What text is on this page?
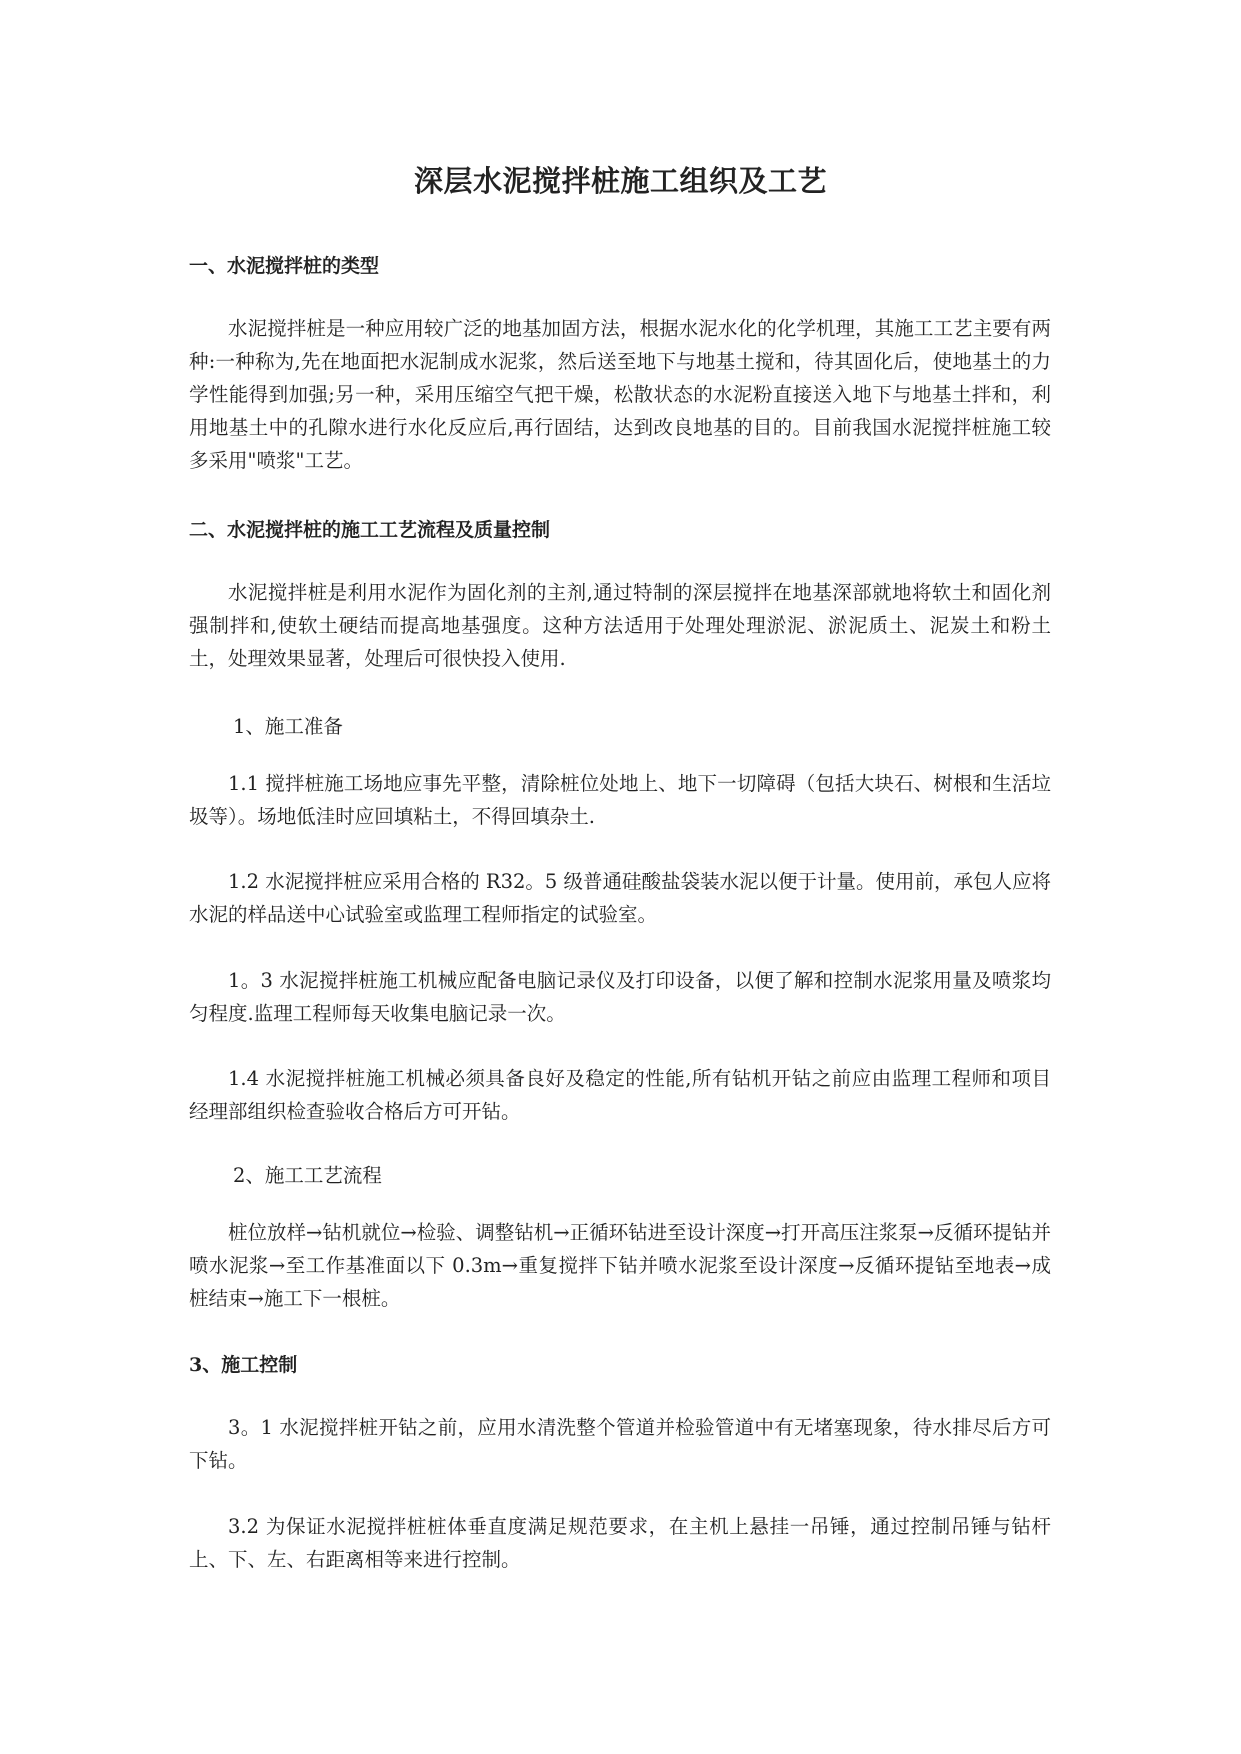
深层水泥搅拌桩施工组织及工艺
一、水泥搅拌桩的类型

水泥搅拌桩是一种应用较广泛的地基加固方法，根据水泥水化的化学机理，其施工工艺主要有两种:一种称为,先在地面把水泥制成水泥浆，然后送至地下与地基土搅和，待其固化后，使地基土的力学性能得到加强;另一种，采用压缩空气把干燥，松散状态的水泥粉直接送入地下与地基土拌和，利用地基土中的孔隙水进行水化反应后,再行固结，达到改良地基的目的。目前我国水泥搅拌桩施工较多采用"喷浆"工艺。

二、水泥搅拌桩的施工工艺流程及质量控制

水泥搅拌桩是利用水泥作为固化剂的主剂,通过特制的深层搅拌在地基深部就地将软土和固化剂强制拌和,使软土硬结而提高地基强度。这种方法适用于处理处理淤泥、淤泥质土、泥炭土和粉土土，处理效果显著，处理后可很快投入使用.

1、施工准备

1.1 搅拌桩施工场地应事先平整，清除桩位处地上、地下一切障碍（包括大块石、树根和生活垃圾等）。场地低洼时应回填粘土，不得回填杂土.

1.2 水泥搅拌桩应采用合格的 R32。5 级普通硅酸盐袋装水泥以便于计量。使用前，承包人应将水泥的样品送中心试验室或监理工程师指定的试验室。

1。3 水泥搅拌桩施工机械应配备电脑记录仪及打印设备，以便了解和控制水泥浆用量及喷浆均匀程度.监理工程师每天收集电脑记录一次。

1.4 水泥搅拌桩施工机械必须具备良好及稳定的性能,所有钻机开钻之前应由监理工程师和项目经理部组织检查验收合格后方可开钻。

2、施工工艺流程

桩位放样→钻机就位→检验、调整钻机→正循环钻进至设计深度→打开高压注浆泵→反循环提钻并喷水泥浆→至工作基准面以下 0.3m→重复搅拌下钻并喷水泥浆至设计深度→反循环提钻至地表→成桩结束→施工下一根桩。

3、施工控制

3。1 水泥搅拌桩开钻之前，应用水清洗整个管道并检验管道中有无堵塞现象，待水排尽后方可下钻。

3.2 为保证水泥搅拌桩桩体垂直度满足规范要求，在主机上悬挂一吊锤，通过控制吊锤与钻杆上、下、左、右距离相等来进行控制。
